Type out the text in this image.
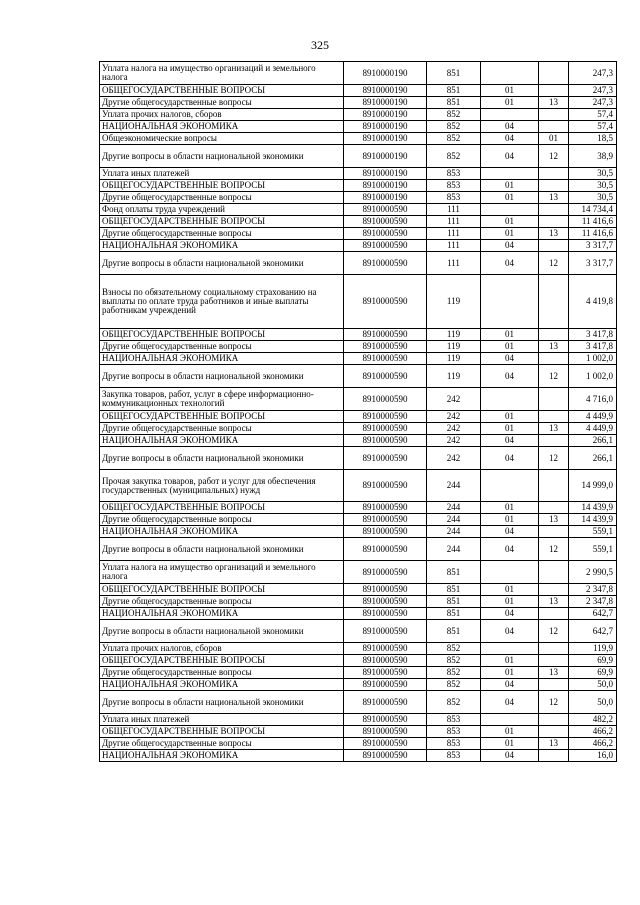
325
Уплата налога на имущество организаций и земельного налога	8910000190	851			247,3
ОБЩЕГОСУДАРСТВЕННЫЕ ВОПРОСЫ	8910000190	851	01		247,3
Другие общегосударственные вопросы	8910000190	851	01	13	247,3
Уплата прочих налогов, сборов	8910000190	852			57,4
НАЦИОНАЛЬНАЯ ЭКОНОМИКА	8910000190	852	04		57,4
Общеэкономические вопросы	8910000190	852	04	01	18,5
Другие вопросы в области национальной экономики	8910000190	852	04	12	38,9
Уплата иных платежей	8910000190	853			30,5
ОБЩЕГОСУДАРСТВЕННЫЕ ВОПРОСЫ	8910000190	853	01		30,5
Другие общегосударственные вопросы	8910000190	853	01	13	30,5
Фонд оплаты труда учреждений	8910000590	111			14 734,4
ОБЩЕГОСУДАРСТВЕННЫЕ ВОПРОСЫ	8910000590	111	01		11 416,6
Другие общегосударственные вопросы	8910000590	111	01	13	11 416,6
НАЦИОНАЛЬНАЯ ЭКОНОМИКА	8910000590	111	04		3 317,7
Другие вопросы в области национальной экономики	8910000590	111	04	12	3 317,7
Взносы по обязательному социальному страхованию на выплаты по оплате труда работников и иные выплаты работникам учреждений	8910000590	119			4 419,8
ОБЩЕГОСУДАРСТВЕННЫЕ ВОПРОСЫ	8910000590	119	01		3 417,8
Другие общегосударственные вопросы	8910000590	119	01	13	3 417,8
НАЦИОНАЛЬНАЯ ЭКОНОМИКА	8910000590	119	04		1 002,0
Другие вопросы в области национальной экономики	8910000590	119	04	12	1 002,0
Закупка товаров, работ, услуг в сфере информационно-коммуникационных технологий	8910000590	242			4 716,0
ОБЩЕГОСУДАРСТВЕННЫЕ ВОПРОСЫ	8910000590	242	01		4 449,9
Другие общегосударственные вопросы	8910000590	242	01	13	4 449,9
НАЦИОНАЛЬНАЯ ЭКОНОМИКА	8910000590	242	04		266,1
Другие вопросы в области национальной экономики	8910000590	242	04	12	266,1
Прочая закупка товаров, работ и услуг для обеспечения государственных (муниципальных) нужд	8910000590	244			14 999,0
ОБЩЕГОСУДАРСТВЕННЫЕ ВОПРОСЫ	8910000590	244	01		14 439,9
Другие общегосударственные вопросы	8910000590	244	01	13	14 439,9
НАЦИОНАЛЬНАЯ ЭКОНОМИКА	8910000590	244	04		559,1
Другие вопросы в области национальной экономики	8910000590	244	04	12	559,1
Уплата налога на имущество организаций и земельного налога	8910000590	851			2 990,5
ОБЩЕГОСУДАРСТВЕННЫЕ ВОПРОСЫ	8910000590	851	01		2 347,8
Другие общегосударственные вопросы	8910000590	851	01	13	2 347,8
НАЦИОНАЛЬНАЯ ЭКОНОМИКА	8910000590	851	04		642,7
Другие вопросы в области национальной экономики	8910000590	851	04	12	642,7
Уплата прочих налогов, сборов	8910000590	852			119,9
ОБЩЕГОСУДАРСТВЕННЫЕ ВОПРОСЫ	8910000590	852	01		69,9
Другие общегосударственные вопросы	8910000590	852	01	13	69,9
НАЦИОНАЛЬНАЯ ЭКОНОМИКА	8910000590	852	04		50,0
Другие вопросы в области национальной экономики	8910000590	852	04	12	50,0
Уплата иных платежей	8910000590	853			482,2
ОБЩЕГОСУДАРСТВЕННЫЕ ВОПРОСЫ	8910000590	853	01		466,2
Другие общегосударственные вопросы	8910000590	853	01	13	466,2
НАЦИОНАЛЬНАЯ ЭКОНОМИКА	8910000590	853	04		16,0
